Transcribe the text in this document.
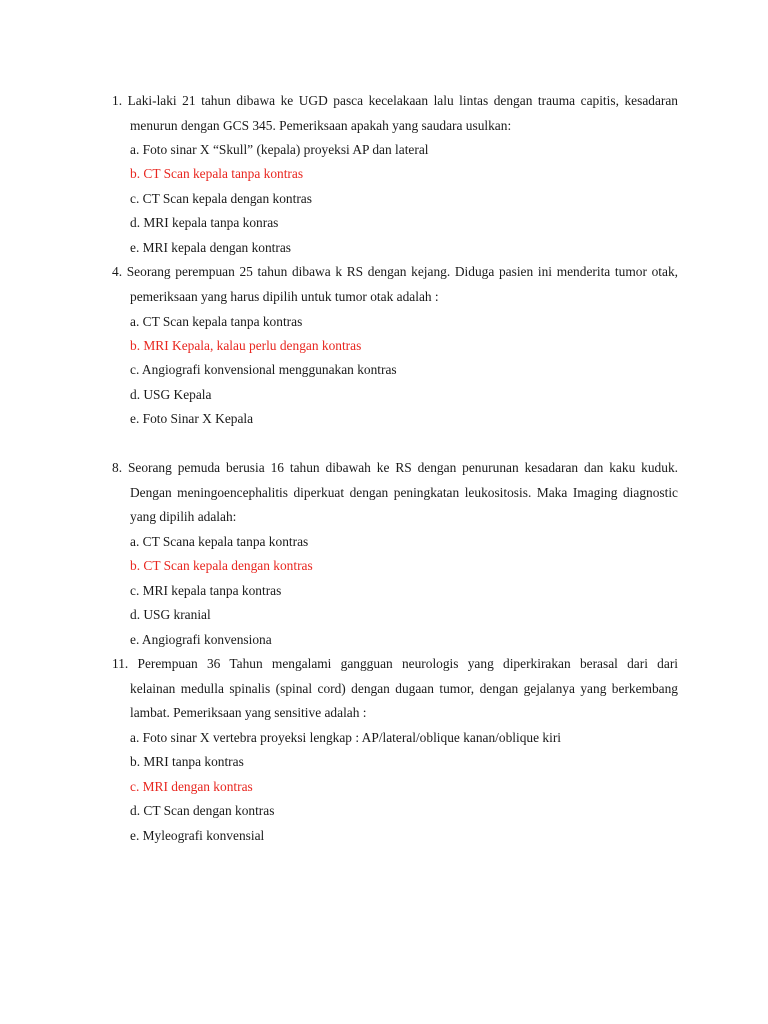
1. Laki-laki 21 tahun dibawa ke UGD pasca kecelakaan lalu lintas dengan trauma capitis, kesadaran
menurun dengan GCS 345. Pemeriksaan apakah yang saudara usulkan:
a. Foto sinar X “Skull” (kepala) proyeksi AP dan lateral
b. CT Scan kepala tanpa kontras
c. CT Scan kepala dengan kontras
d. MRI kepala tanpa konras
e. MRI kepala dengan kontras
4. Seorang perempuan 25 tahun dibawa k RS dengan kejang. Diduga pasien ini menderita tumor otak,
pemeriksaan yang harus dipilih untuk tumor otak adalah :
a. CT Scan kepala tanpa kontras
b. MRI Kepala, kalau perlu dengan kontras
c. Angiografi konvensional menggunakan kontras
d. USG Kepala
e. Foto Sinar X Kepala
8. Seorang pemuda berusia 16 tahun dibawah ke RS dengan penurunan kesadaran dan kaku kuduk.
Dengan meningoencephalitis diperkuat dengan peningkatan leukositosis. Maka Imaging diagnostic
yang dipilih adalah:
a. CT Scana kepala tanpa kontras
b. CT Scan kepala dengan kontras
c. MRI kepala tanpa kontras
d. USG kranial
e. Angiografi konvensiona
11. Perempuan 36 Tahun mengalami gangguan neurologis yang diperkirakan berasal dari dari
kelainan medulla spinalis (spinal cord) dengan dugaan tumor, dengan gejalanya yang berkembang
lambat. Pemeriksaan yang sensitive adalah :
a. Foto sinar X vertebra proyeksi lengkap : AP/lateral/oblique kanan/oblique kiri
b. MRI tanpa kontras
c. MRI dengan kontras
d. CT Scan dengan kontras
e. Myleografi konvensial
